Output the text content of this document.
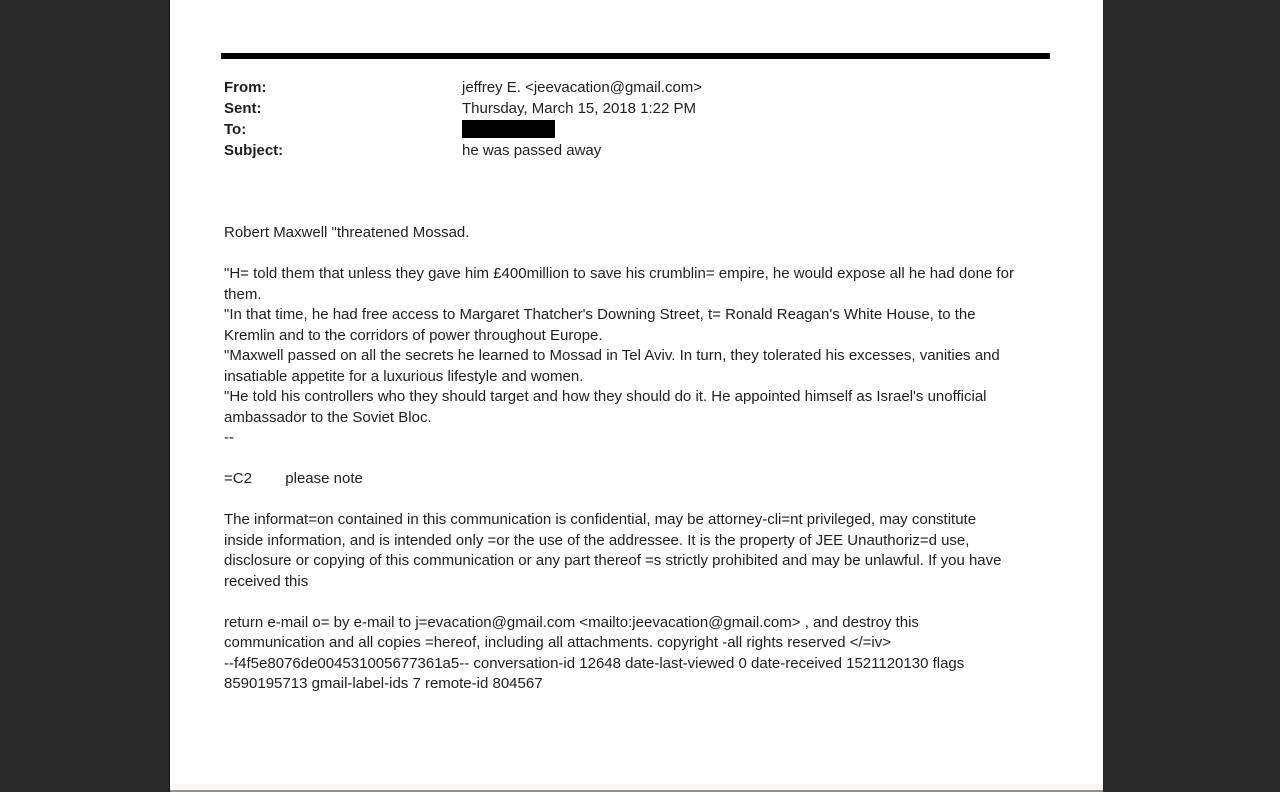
From:	jeffrey E. <jeevacation@gmail.com>
Sent:	Thursday, March 15, 2018 1:22 PM
To:
Subject:	he was passed away
Robert Maxwell "threatened Mossad.

"H= told them that unless they gave him £400million to save his crumblin= empire, he would expose all he had done for
them.
"In that time, he had free access to Margaret Thatcher's Downing Street, t= Ronald Reagan's White House, to the
Kremlin and to the corridors of power throughout Europe.
"Maxwell passed on all the secrets he learned to Mossad in Tel Aviv. In turn, they tolerated his excesses, vanities and
insatiable appetite for a luxurious lifestyle and women.
"He told his controllers who they should target and how they should do it. He appointed himself as Israel's unofficial
ambassador to the Soviet Bloc.
--

=C2        please note

The informat=on contained in this communication is confidential, may be attorney-cli=nt privileged, may constitute
inside information, and is intended only =or the use of the addressee. It is the property of JEE Unauthoriz=d use,
disclosure or copying of this communication or any part thereof =s strictly prohibited and may be unlawful. If you have
received this

return e-mail o= by e-mail to j=evacation@gmail.com <mailto:jeevacation@gmail.com> , and destroy this
communication and all copies =hereof, including all attachments. copyright -all rights reserved </=iv>
--f4f5e8076de004531005677361a5-- conversation-id 12648 date-last-viewed 0 date-received 1521120130 flags
8590195713 gmail-label-ids 7 remote-id 804567
